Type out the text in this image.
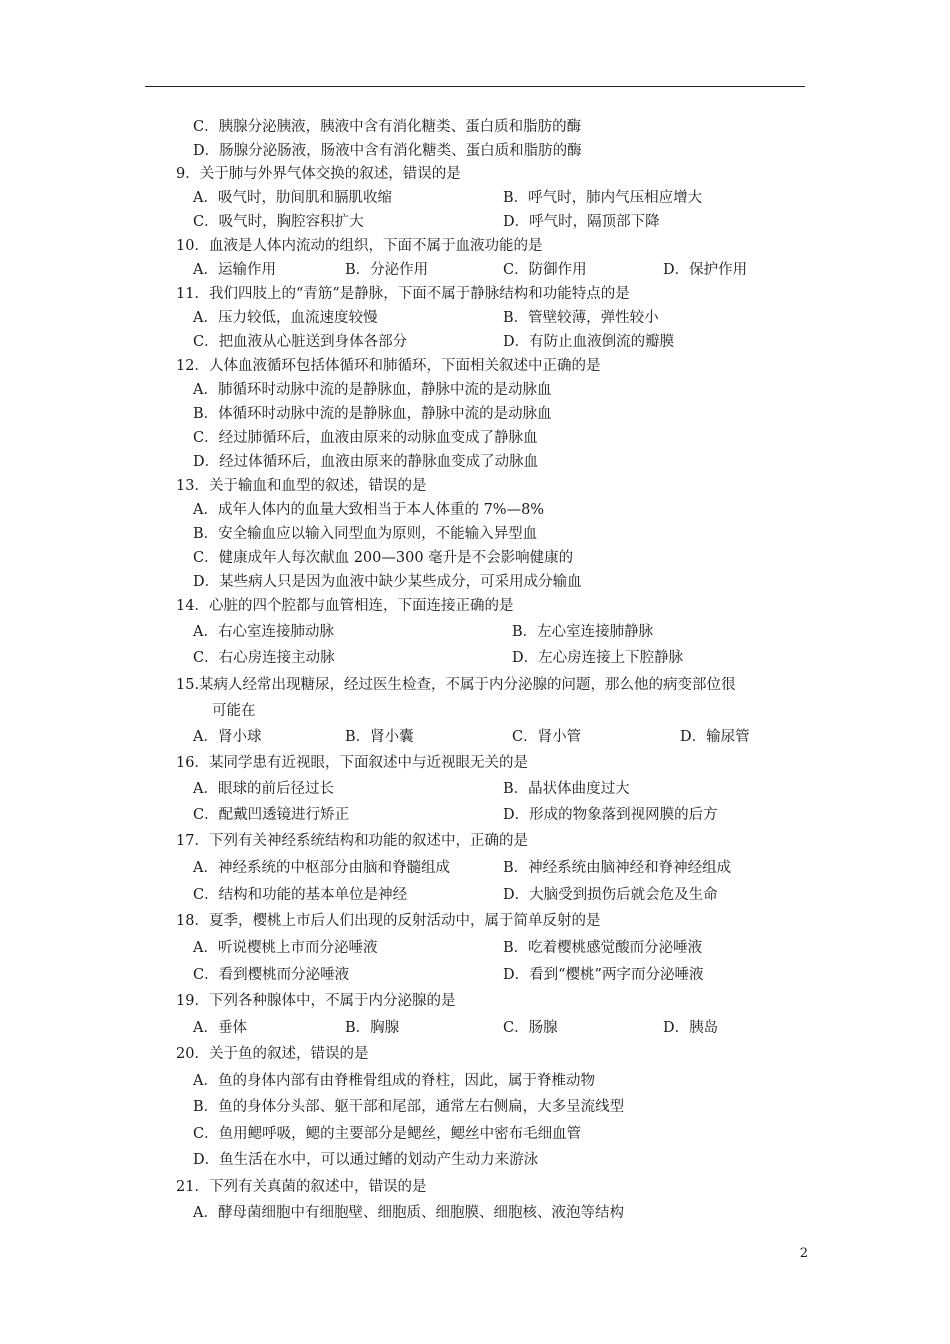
C．胰腺分泌胰液，胰液中含有消化糖类、蛋白质和脂肪的酶
D．肠腺分泌肠液，肠液中含有消化糖类、蛋白质和脂肪的酶
9．关于肺与外界气体交换的叙述，错误的是
A．吸气时，肋间肌和膈肌收缩	B．呼气时，肺内气压相应增大
C．吸气时，胸腔容积扩大	D．呼气时，隔顶部下降
10．血液是人体内流动的组织，下面不属于血液功能的是
A．运输作用	B．分泌作用	C．防御作用	D．保护作用
11．我们四肢上的“青筋”是静脉，下面不属于静脉结构和功能特点的是
A．压力较低，血流速度较慢	B．管壁较薄，弹性较小
C．把血液从心脏送到身体各部分	D．有防止血液倒流的瓣膜
12．人体血液循环包括体循环和肺循环，下面相关叙述中正确的是
A．肺循环时动脉中流的是静脉血，静脉中流的是动脉血
B．体循环时动脉中流的是静脉血，静脉中流的是动脉血
C．经过肺循环后，血液由原来的动脉血变成了静脉血
D．经过体循环后，血液由原来的静脉血变成了动脉血
13．关于输血和血型的叙述，错误的是
A．成年人体内的血量大致相当于本人体重的 7%—8%
B．安全输血应以输入同型血为原则，不能输入异型血
C．健康成年人每次献血 200—300 毫升是不会影响健康的
D．某些病人只是因为血液中缺少某些成分，可采用成分输血
14．心脏的四个腔都与血管相连，下面连接正确的是
A．右心室连接肺动脉	B．左心室连接肺静脉
C．右心房连接主动脉	D．左心房连接上下腔静脉
15.某病人经常出现糖尿，经过医生检查，不属于内分泌腺的问题，那么他的病变部位很
可能在
A．肾小球	B．肾小囊	C．肾小管	D．输尿管
16．某同学患有近视眼，下面叙述中与近视眼无关的是
A．眼球的前后径过长	B．晶状体曲度过大
C．配戴凹透镜进行矫正	D．形成的物象落到视网膜的后方
17．下列有关神经系统结构和功能的叙述中，正确的是
A．神经系统的中枢部分由脑和脊髓组成	B．神经系统由脑神经和脊神经组成
C．结构和功能的基本单位是神经	D．大脑受到损伤后就会危及生命
18．夏季，樱桃上市后人们出现的反射活动中，属于简单反射的是
A．听说樱桃上市而分泌唾液	B．吃着樱桃感觉酸而分泌唾液
C．看到樱桃而分泌唾液	D．看到“樱桃”两字而分泌唾液
19．下列各种腺体中，不属于内分泌腺的是
A．垂体	B．胸腺	C．肠腺	D．胰岛
20．关于鱼的叙述，错误的是
A．鱼的身体内部有由脊椎骨组成的脊柱，因此，属于脊椎动物
B．鱼的身体分头部、躯干部和尾部，通常左右侧扁，大多呈流线型
C．鱼用鳃呼吸，鳃的主要部分是鳃丝，鳃丝中密布毛细血管
D．鱼生活在水中，可以通过鳍的划动产生动力来游泳
21．下列有关真菌的叙述中，错误的是
A．酵母菌细胞中有细胞壁、细胞质、细胞膜、细胞核、液泡等结构
2
